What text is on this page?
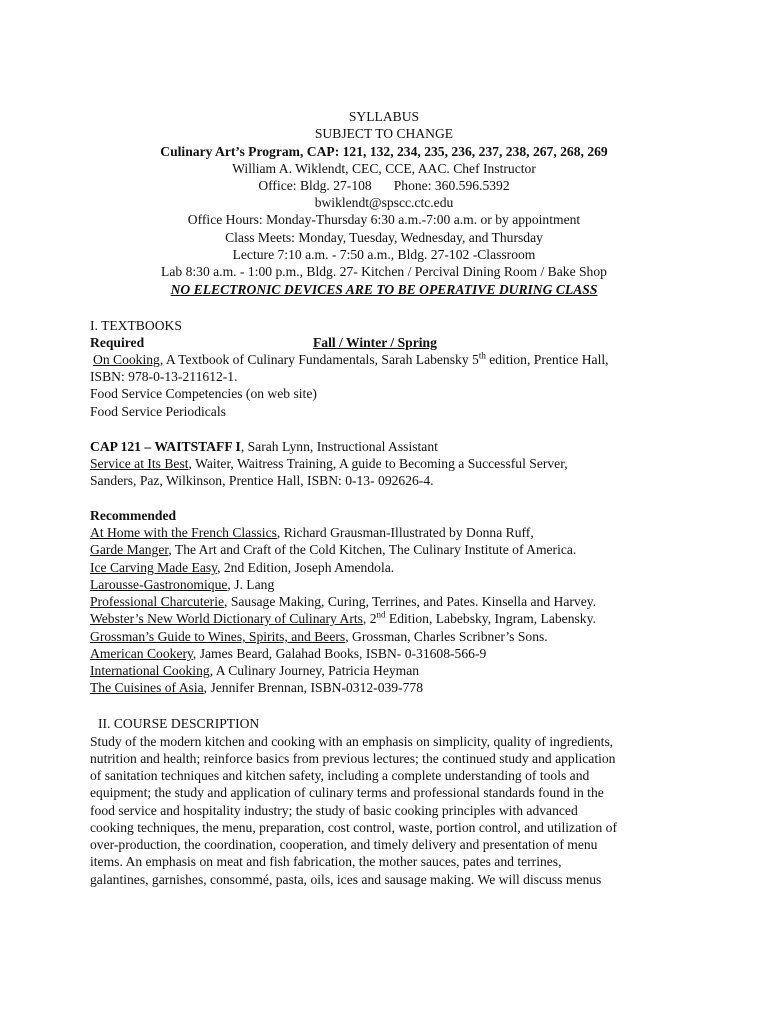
SYLLABUS
SUBJECT TO CHANGE
Culinary Art’s Program, CAP: 121, 132, 234, 235, 236, 237, 238, 267, 268, 269
William A. Wiklendt, CEC, CCE, AAC. Chef Instructor
Office: Bldg. 27-108 Phone: 360.596.5392
bwiklendt@spscc.ctc.edu
Office Hours: Monday-Thursday 6:30 a.m.-7:00 a.m. or by appointment
Class Meets: Monday, Tuesday, Wednesday, and Thursday
Lecture 7:10 a.m. - 7:50 a.m., Bldg. 27-102 -Classroom
Lab 8:30 a.m. - 1:00 p.m., Bldg. 27- Kitchen / Percival Dining Room / Bake Shop
NO ELECTRONIC DEVICES ARE TO BE OPERATIVE DURING CLASS
I. TEXTBOOKS
Required	Fall / Winter / Spring
On Cooking, A Textbook of Culinary Fundamentals, Sarah Labensky 5th edition, Prentice Hall,
ISBN: 978-0-13-211612-1.
Food Service Competencies (on web site)
Food Service Periodicals
CAP 121 – WAITSTAFF I, Sarah Lynn, Instructional Assistant
Service at Its Best, Waiter, Waitress Training, A guide to Becoming a Successful Server,
Sanders, Paz, Wilkinson, Prentice Hall, ISBN: 0-13- 092626-4.
Recommended
At Home with the French Classics, Richard Grausman-Illustrated by Donna Ruff,
Garde Manger, The Art and Craft of the Cold Kitchen, The Culinary Institute of America.
Ice Carving Made Easy, 2nd Edition, Joseph Amendola.
Larousse-Gastronomique, J. Lang
Professional Charcuterie, Sausage Making, Curing, Terrines, and Pates. Kinsella and Harvey.
Webster’s New World Dictionary of Culinary Arts, 2nd Edition, Labebsky, Ingram, Labensky.
Grossman’s Guide to Wines, Spirits, and Beers, Grossman, Charles Scribner’s Sons.
American Cookery, James Beard, Galahad Books, ISBN- 0-31608-566-9
International Cooking, A Culinary Journey, Patricia Heyman
The Cuisines of Asia, Jennifer Brennan, ISBN-0312-039-778
II. COURSE DESCRIPTION
Study of the modern kitchen and cooking with an emphasis on simplicity, quality of ingredients,
nutrition and health; reinforce basics from previous lectures; the continued study and application
of sanitation techniques and kitchen safety, including a complete understanding of tools and
equipment; the study and application of culinary terms and professional standards found in the
food service and hospitality industry; the study of basic cooking principles with advanced
cooking techniques, the menu, preparation, cost control, waste, portion control, and utilization of
over-production, the coordination, cooperation, and timely delivery and presentation of menu
items. An emphasis on meat and fish fabrication, the mother sauces, pates and terrines,
galantines, garnishes, consommé, pasta, oils, ices and sausage making. We will discuss menus
